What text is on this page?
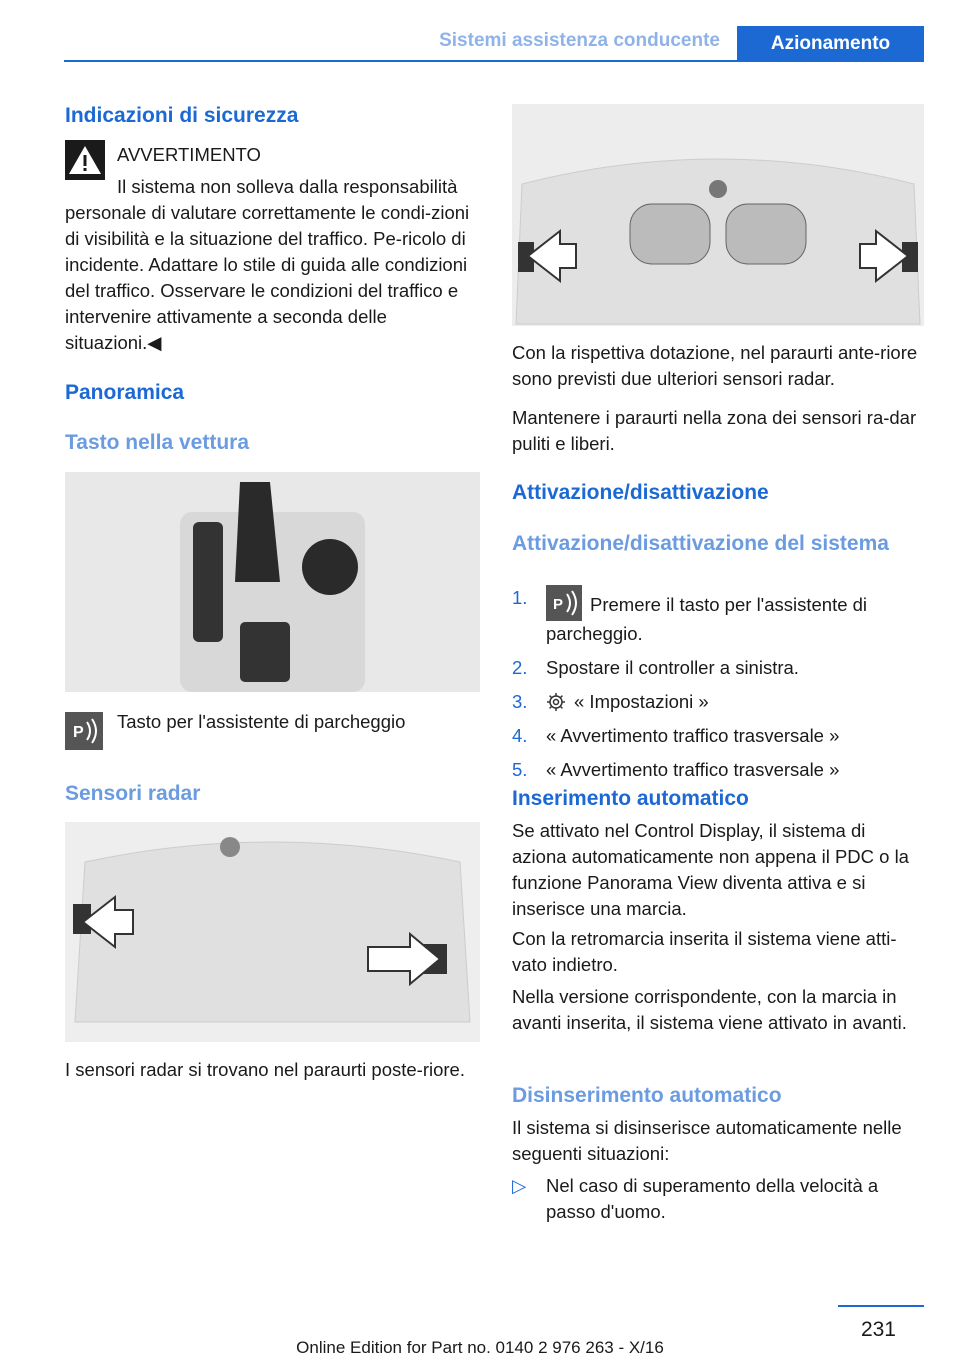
Sistemi assistenza conducente	Azionamento
Indicazioni di sicurezza
AVVERTIMENTO
Il sistema non solleva dalla responsabilità personale di valutare correttamente le condi‐zioni di visibilità e la situazione del traffico. Pe‐ricolo di incidente. Adattare lo stile di guida alle condizioni del traffico. Osservare le condizioni del traffico e intervenire attivamente a seconda delle situazioni.◀
Panoramica
Tasto nella vettura
P
Tasto per l'assistente di parcheggio
Sensori radar
I sensori radar si trovano nel paraurti poste‐riore.
Con la rispettiva dotazione, nel paraurti ante‐riore sono previsti due ulteriori sensori radar.
Mantenere i paraurti nella zona dei sensori ra‐dar puliti e liberi.
Attivazione/disattivazione
Attivazione/disattivazione del sistema
1. P Premere il tasto per l'assistente di parcheggio.
2. Spostare il controller a sinistra.
3.	« Impostazioni »
4. « Avvertimento traffico trasversale »
5. « Avvertimento traffico trasversale »
Inserimento automatico
Se attivato nel Control Display, il sistema di aziona automaticamente non appena il PDC o la funzione Panorama View diventa attiva e si inserisce una marcia.
Con la retromarcia inserita il sistema viene atti‐vato indietro.
Nella versione corrispondente, con la marcia in avanti inserita, il sistema viene attivato in avanti.
Disinserimento automatico
Il sistema si disinserisce automaticamente nelle seguenti situazioni:
▷ Nel caso di superamento della velocità a passo d'uomo.
231
Online Edition for Part no. 0140 2 976 263 - X/16
